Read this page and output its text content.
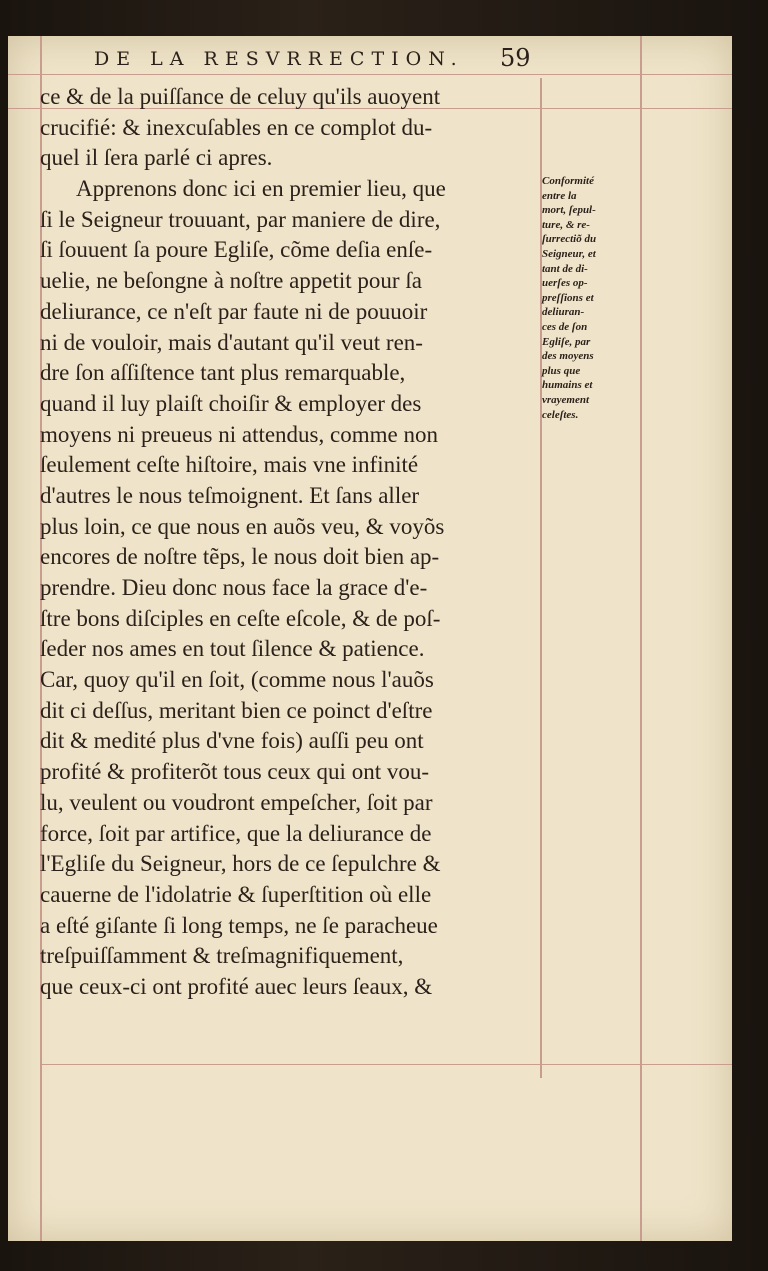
DE LA RESVRRECTION. 59
ce & de la puiſſance de celuy qu'ils auoyent
crucifié: & inexcuſables en ce complot du-
quel il ſera parlé ci apres.
Apprenons donc ici en premier lieu, que
ſi le Seigneur trouuant, par maniere de dire,
ſi ſouuent ſa poure Egliſe, cõme deſia enſe-
uelie, ne beſongne à noſtre appetit pour ſa
deliurance, ce n'eſt par faute ni de pouuoir
ni de vouloir, mais d'autant qu'il veut ren-
dre ſon aſſiſtence tant plus remarquable,
quand il luy plaiſt choiſir & employer des
moyens ni preueus ni attendus, comme non
ſeulement ceſte hiſtoire, mais vne infinité
d'autres le nous teſmoignent. Et ſans aller
plus loin, ce que nous en auõs veu, & voyõs
encores de noſtre tẽps, le nous doit bien ap-
prendre. Dieu donc nous face la grace d'e-
ſtre bons diſciples en ceſte eſcole, & de poſ-
ſeder nos ames en tout ſilence & patience.
Car, quoy qu'il en ſoit, (comme nous l'auõs
dit ci deſſus, meritant bien ce poinct d'eſtre
dit & medité plus d'vne fois) auſſi peu ont
profité & profiterõt tous ceux qui ont vou-
lu, veulent ou voudront empeſcher, ſoit par
force, ſoit par artifice, que la deliurance de
l'Egliſe du Seigneur, hors de ce ſepulchre &
cauerne de l'idolatrie & ſuperſtition où elle
a eſté giſante ſi long temps, ne ſe paracheue
treſpuiſſamment & treſmagnifiquement,
que ceux-ci ont profité auec leurs ſeaux, &
Conformité
entre la
mort, ſepul-
ture, & re-
ſurrectiõ du
Seigneur, et
tant de di-
uerſes op-
preſſions et
deliuran-
ces de ſon
Egliſe, par
des moyens
plus que
humains et
vrayement
celeſtes.
